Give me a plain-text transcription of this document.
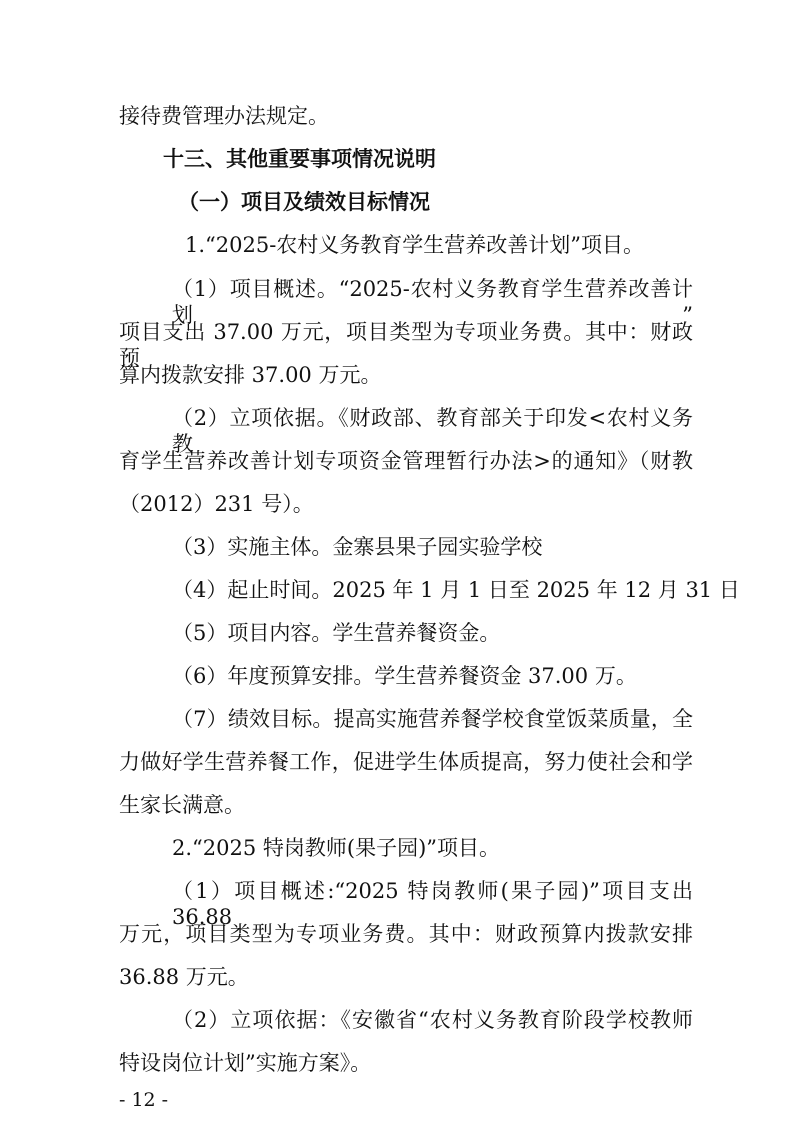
接待费管理办法规定。
十三、其他重要事项情况说明
（一）项目及绩效目标情况
1.“2025-农村义务教育学生营养改善计划”项目。
（1）项目概述。“2025-农村义务教育学生营养改善计划”
项目支出 37.00 万元，项目类型为专项业务费。其中：财政预
算内拨款安排 37.00 万元。
（2）立项依据。《财政部、教育部关于印发<农村义务教
育学生营养改善计划专项资金管理暂行办法>的通知》（财教
（2012）231 号）。
（3）实施主体。金寨县果子园实验学校
（4）起止时间。2025 年 1 月 1 日至 2025 年 12 月 31 日
（5）项目内容。学生营养餐资金。
（6）年度预算安排。学生营养餐资金 37.00 万。
（7）绩效目标。提高实施营养餐学校食堂饭菜质量，全
力做好学生营养餐工作，促进学生体质提高，努力使社会和学
生家长满意。
2.“2025 特岗教师(果子园)”项目。
（1）项目概述:“2025 特岗教师(果子园)”项目支出 36.88
万元，项目类型为专项业务费。其中：财政预算内拨款安排
36.88 万元。
（2）立项依据：《安徽省“农村义务教育阶段学校教师
特设岗位计划”实施方案》。
- 12 -
